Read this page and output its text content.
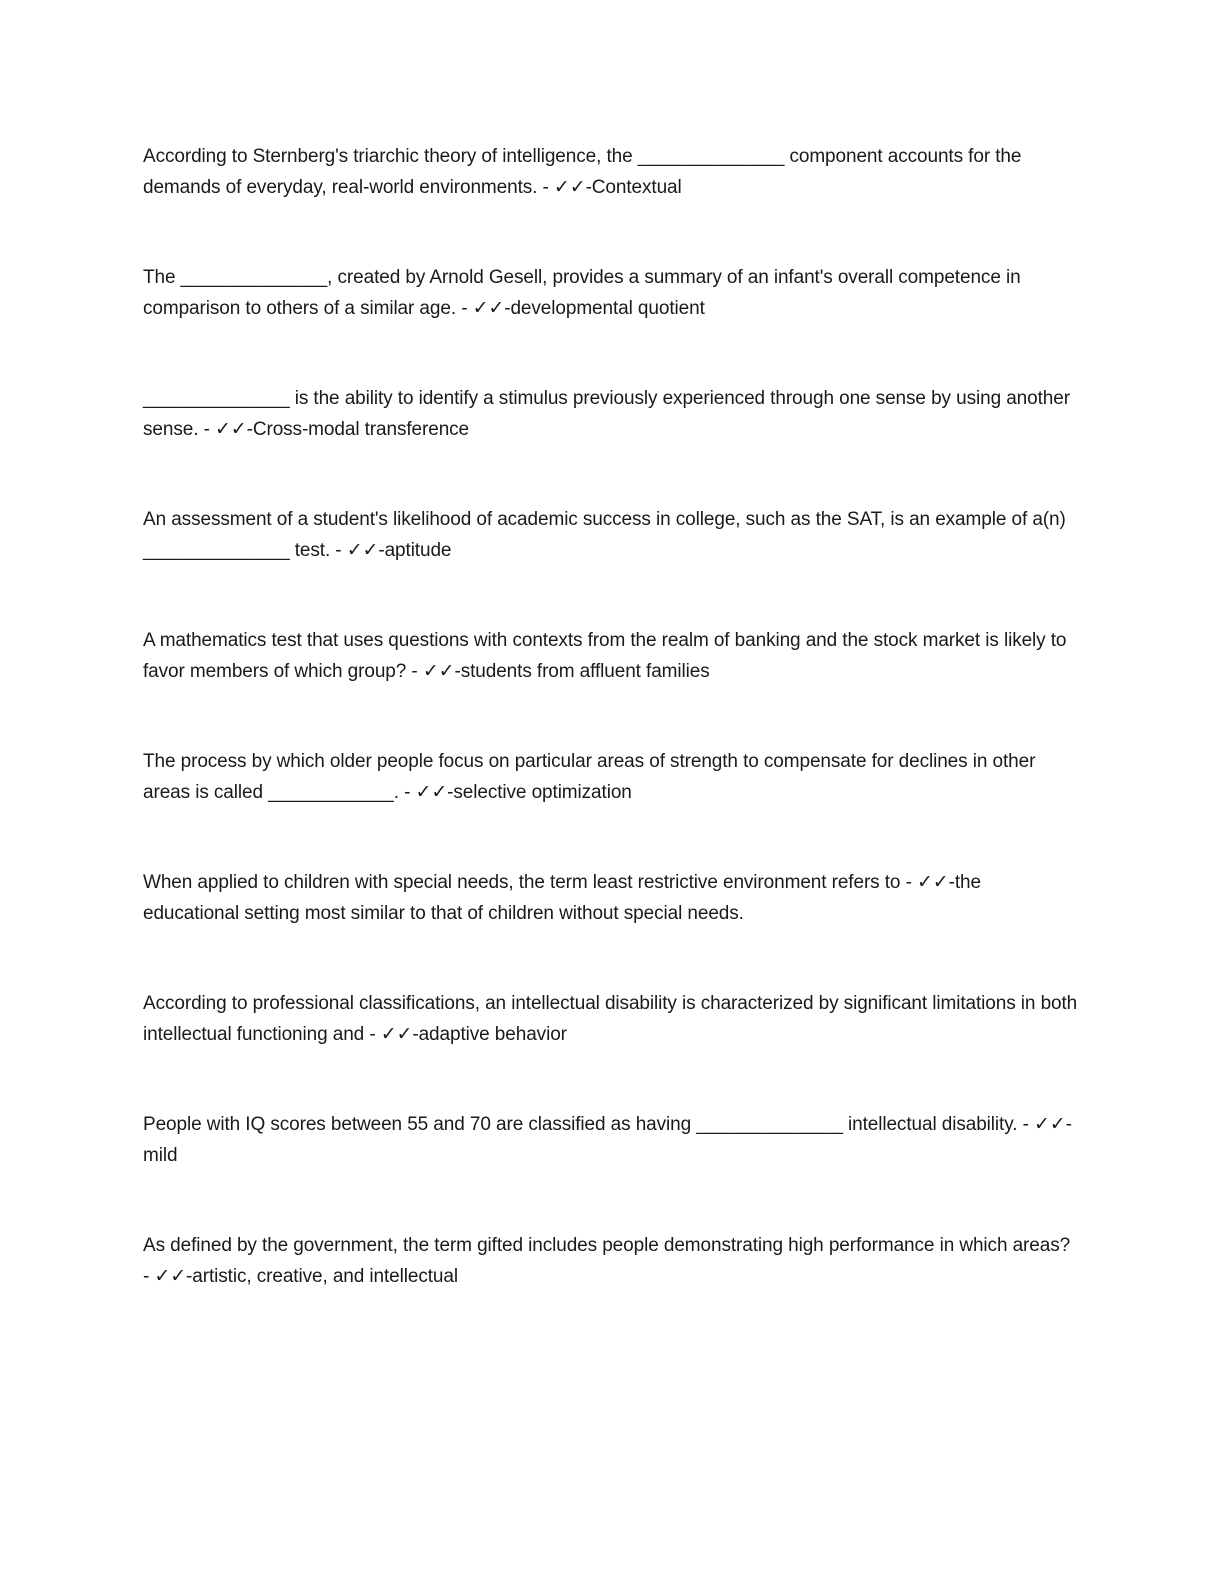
According to Sternberg's triarchic theory of intelligence, the ______________ component accounts for the demands of everyday, real-world environments. - ✓✓-Contextual
The ______________, created by Arnold Gesell, provides a summary of an infant's overall competence in comparison to others of a similar age. - ✓✓-developmental quotient
______________ is the ability to identify a stimulus previously experienced through one sense by using another sense. - ✓✓-Cross-modal transference
An assessment of a student's likelihood of academic success in college, such as the SAT, is an example of a(n) ______________ test. - ✓✓-aptitude
A mathematics test that uses questions with contexts from the realm of banking and the stock market is likely to favor members of which group? - ✓✓-students from affluent families
The process by which older people focus on particular areas of strength to compensate for declines in other areas is called ____________. - ✓✓-selective optimization
When applied to children with special needs, the term least restrictive environment refers to - ✓✓-the educational setting most similar to that of children without special needs.
According to professional classifications, an intellectual disability is characterized by significant limitations in both intellectual functioning and - ✓✓-adaptive behavior
People with IQ scores between 55 and 70 are classified as having ______________ intellectual disability. - ✓✓-mild
As defined by the government, the term gifted includes people demonstrating high performance in which areas? - ✓✓-artistic, creative, and intellectual
